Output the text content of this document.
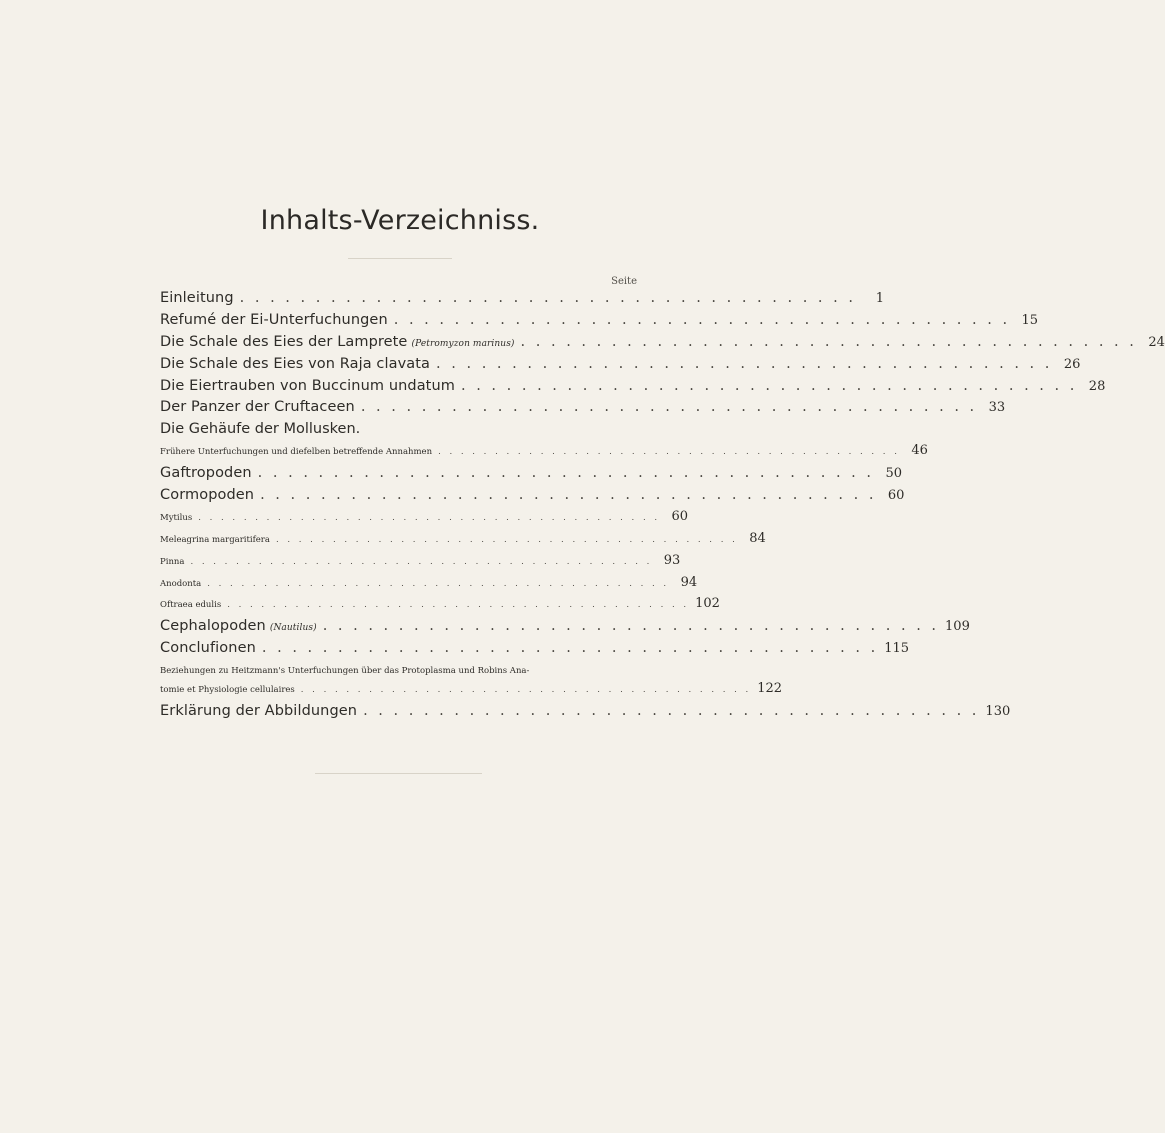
Inhalts-Verzeichniss.
Seite
Einleitung . . . . . . . . . . . . . . . . . . . . . . . . . . . . . . . . . . . . . . . . .	1
Refumé der Ei-Unterfuchungen . . . . . . . . . . . . . . . . . . . . . . . . . . . . . . . . . . . . . . . . . 15
Die Schale des Eies der Lamprete (Petromyzon marinus) . . . . . . . . . . . . . . . . . . . . . . . . . . . . . . . . . . . . . . . . . 24
Die Schale des Eies von Raja clavata . . . . . . . . . . . . . . . . . . . . . . . . . . . . . . . . . . . . . . . . . 26
Die Eiertrauben von Buccinum undatum . . . . . . . . . . . . . . . . . . . . . . . . . . . . . . . . . . . . . . . . . 28
Der Panzer der Cruftaceen . . . . . . . . . . . . . . . . . . . . . . . . . . . . . . . . . . . . . . . . . 33
Die Gehäufe der Mollusken.
Frühere Unterfuchungen und diefelben betreffende Annahmen . . . . . . . . . . . . . . . . . . . . . . . . . . . . . . . . . . . . . . . . . 46
Gaftropoden . . . . . . . . . . . . . . . . . . . . . . . . . . . . . . . . . . . . . . . . . 50
Cormopoden . . . . . . . . . . . . . . . . . . . . . . . . . . . . . . . . . . . . . . . . . 60
Mytilus . . . . . . . . . . . . . . . . . . . . . . . . . . . . . . . . . . . . . . . . . 60
Meleagrina margaritifera . . . . . . . . . . . . . . . . . . . . . . . . . . . . . . . . . . . . . . . . . 84
Pinna . . . . . . . . . . . . . . . . . . . . . . . . . . . . . . . . . . . . . . . . . 93
Anodonta . . . . . . . . . . . . . . . . . . . . . . . . . . . . . . . . . . . . . . . . . 94
Oftraea edulis . . . . . . . . . . . . . . . . . . . . . . . . . . . . . . . . . . . . . . . . . 102
Cephalopoden (Nautilus) . . . . . . . . . . . . . . . . . . . . . . . . . . . . . . . . . . . . . . . . . 109
Conclufionen . . . . . . . . . . . . . . . . . . . . . . . . . . . . . . . . . . . . . . . . . 115
Beziehungen zu Heitzmann's Unterfuchungen über das Protoplasma und Robins Ana-
tomie et Physiologie cellulaires . . . . . . . . . . . . . . . . . . . . . . . . . . . . . . . . . . . . . . . . 122
Erklärung der Abbildungen . . . . . . . . . . . . . . . . . . . . . . . . . . . . . . . . . . . . . . . . . 130
